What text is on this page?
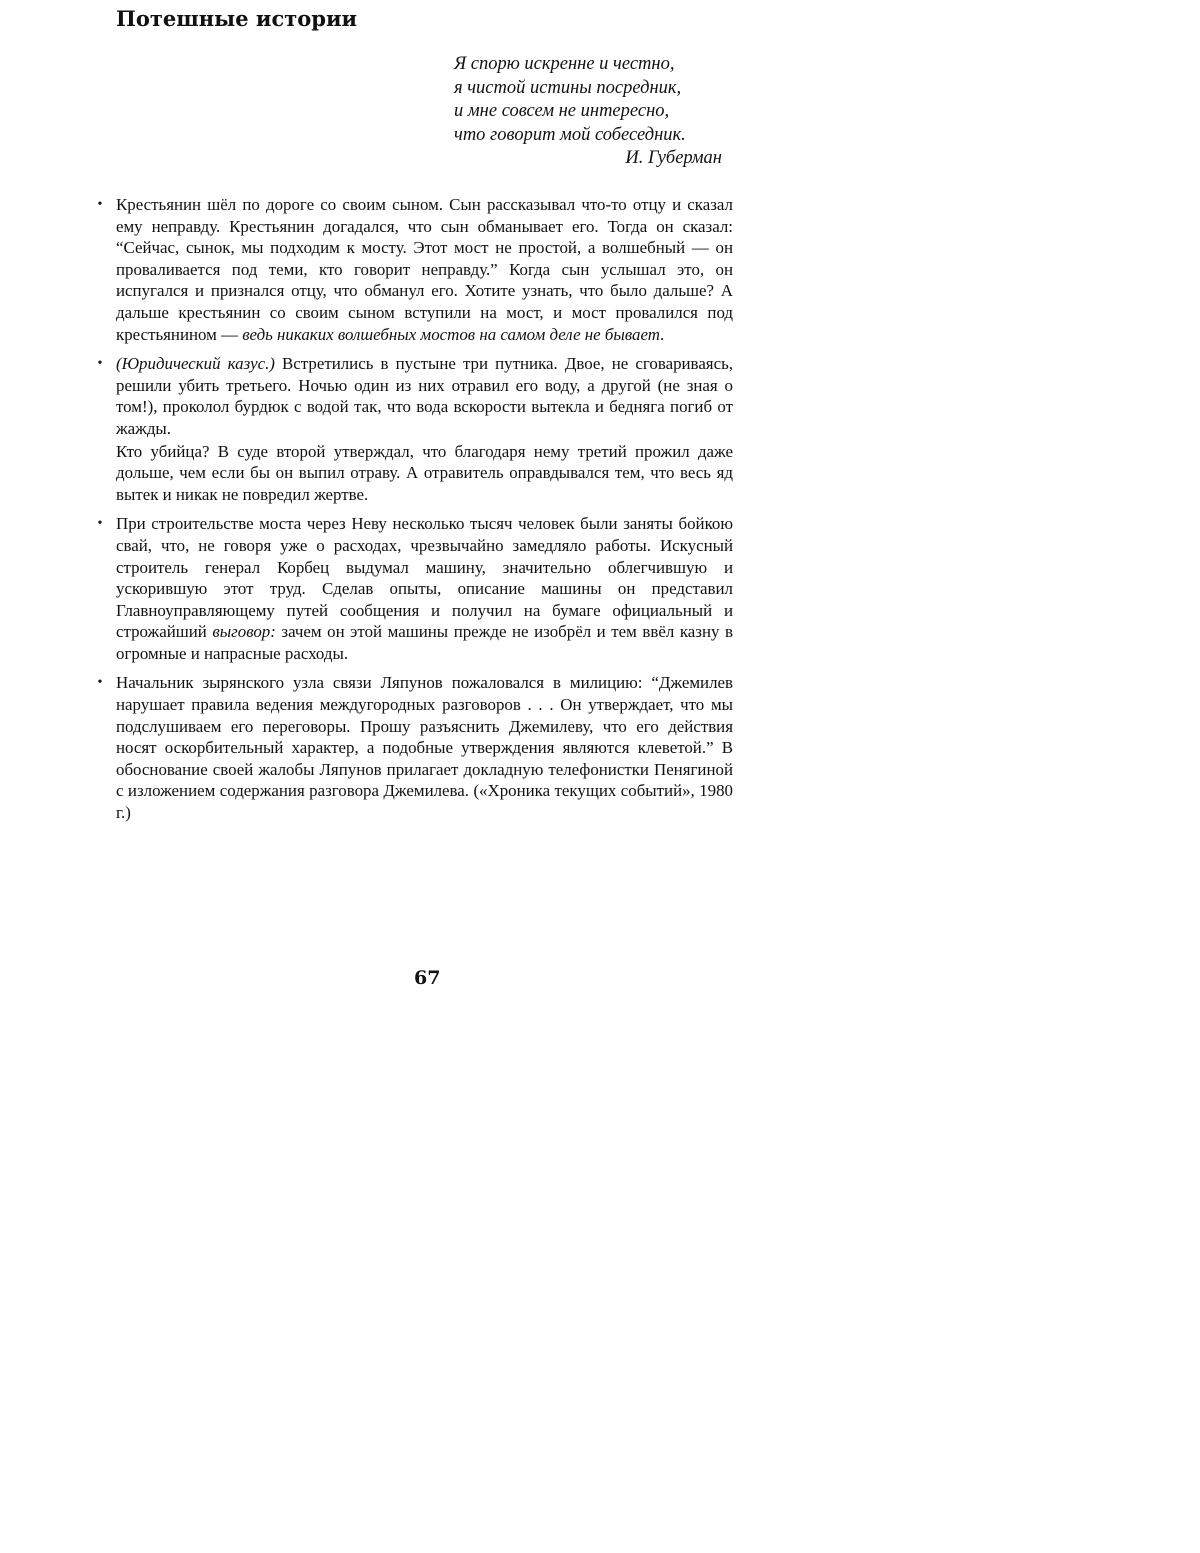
Потешные истории
Я спорю искренне и честно,
я чистой истины посредник,
и мне совсем не интересно,
что говорит мой собеседник.
И. Губерман
• Крестьянин шёл по дороге со своим сыном. Сын рассказывал что-то отцу и сказал ему неправду. Крестьянин догадался, что сын обманывает его. Тогда он сказал: “Сейчас, сынок, мы подходим к мосту. Этот мост не простой, а волшебный — он проваливается под теми, кто говорит неправду.” Когда сын услышал это, он испугался и признался отцу, что обманул его. Хотите узнать, что было дальше? А дальше крестьянин со своим сыном вступили на мост, и мост провалился под крестьянином — ведь никаких волшебных мостов на самом деле не бывает.

• (Юридический казус.) Встретились в пустыне три путника. Двое, не сговариваясь, решили убить третьего. Ночью один из них отравил его воду, а другой (не зная о том!), проколол бурдюк с водой так, что вода вскорости вытекла и бедняга погиб от жажды.

Кто убийца? В суде второй утверждал, что благодаря нему третий прожил даже дольше, чем если бы он выпил отраву. А отравитель оправдывался тем, что весь яд вытек и никак не повредил жертве.

• При строительстве моста через Неву несколько тысяч человек были заняты бойкою свай, что, не говоря уже о расходах, чрезвычайно замедляло работы. Искусный строитель генерал Корбец выдумал машину, значительно облегчившую и ускорившую этот труд. Сделав опыты, описание машины он представил Главноуправляющему путей сообщения и получил на бумаге официальный и строжайший выговор: зачем он этой машины прежде не изобрёл и тем ввёл казну в огромные и напрасные расходы.

• Начальник зырянского узла связи Ляпунов пожаловался в милицию: “Джемилев нарушает правила ведения междугородных разговоров . . . Он утверждает, что мы подслушиваем его переговоры. Прошу разъяснить Джемилеву, что его действия носят оскорбительный характер, а подобные утверждения являются клеветой.” В обоснование своей жалобы Ляпунов прилагает докладную телефонистки Пенягиной с изложением содержания разговора Джемилева. («Хроника текущих событий», 1980 г.)

67
